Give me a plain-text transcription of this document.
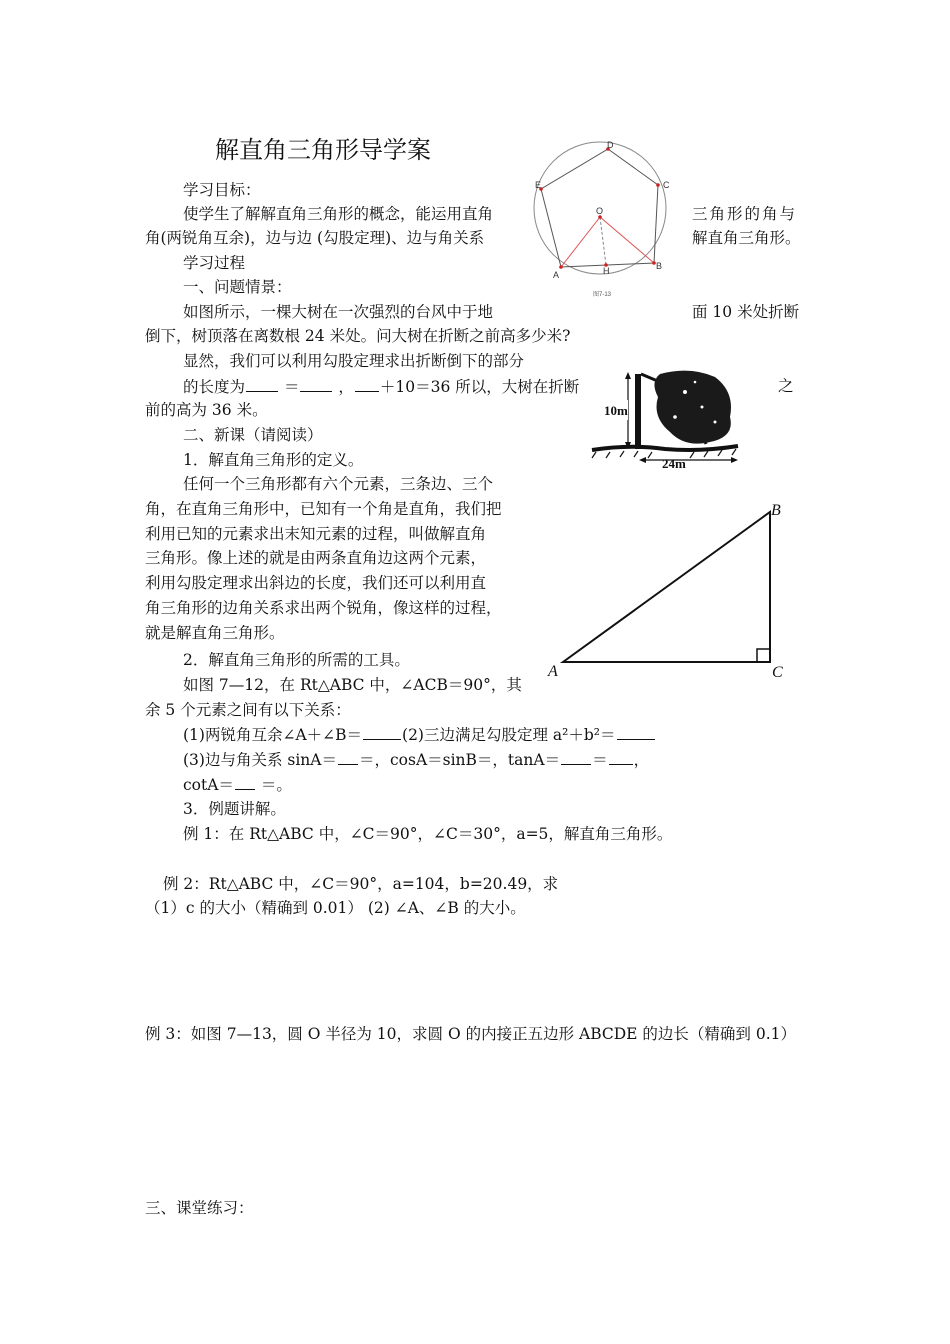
解直角三角形导学案
学习目标：
使学生了解解直角三角形的概念，能运用直角	三角形的角与
角(两锐角互余)，边与边 (勾股定理)、边与角关系	解直角三角形。
学习过程
一、问题情景：
如图所示，一棵大树在一次强烈的台风中于地	面 10 米处折断
倒下，树顶落在离数根 24 米处。问大树在折断之前高多少米?
显然，我们可以利用勾股定理求出折断倒下的部分
的长度为	＝	， ＋10＝36 所以，大树在折断	之
前的高为 36 米。
二、新课（请阅读）
1．解直角三角形的定义。
任何一个三角形都有六个元素，三条边、三个
角，在直角三角形中，已知有一个角是直角，我们把
利用已知的元素求出末知元素的过程，叫做解直角
三角形。像上述的就是由两条直角边这两个元素，
利用勾股定理求出斜边的长度，我们还可以利用直
角三角形的边角关系求出两个锐角，像这样的过程，
就是解直角三角形。
2．解直角三角形的所需的工具。
如图 7—12，在 Rt△ABC 中，∠ACB＝90°，其
余 5 个元素之间有以下关系：
(1)两锐角互余∠A＋∠B＝	(2)三边满足勾股定理 a²＋b²＝
(3)边与角关系 sinA＝ ＝，cosA＝sinB＝，tanA＝ ＝ ，
cotA＝ ＝。
3．例题讲解。
例 1：在 Rt△ABC 中，∠C＝90°，∠C＝30°，a=5，解直角三角形。
例 2：Rt△ABC 中，∠C＝90°，a=104，b=20.49，求
（1）c 的大小（精确到 0.01） (2) ∠A、∠B 的大小。
例 3：如图 7—13，圆 O 半径为 10，求圆 O 的内接正五边形 ABCDE 的边长（精确到 0.1）
三、课堂练习：
D
C
B
A
E
O
H
图7-13
10m
24m
A
B
C
